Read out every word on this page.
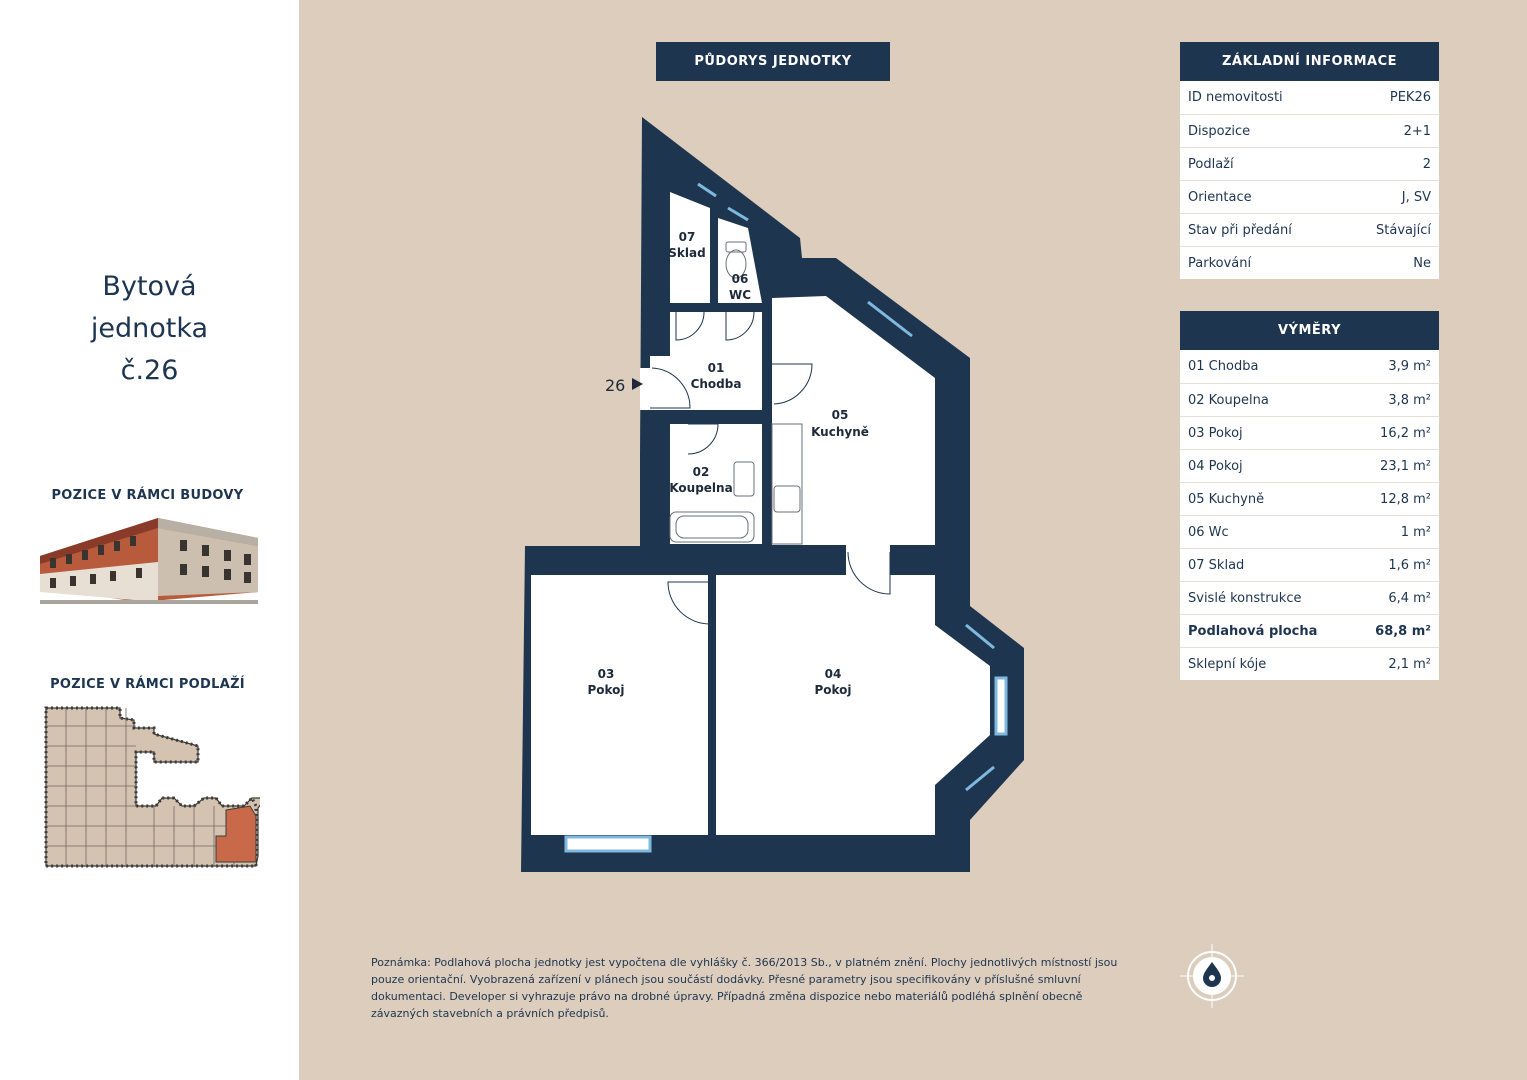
Bytová
jednotka
č.26
POZICE V RÁMCI BUDOVY
POZICE V RÁMCI PODLAŽÍ
PŮDORYS JEDNOTKY
26
07
Sklad
06
WC
01
Chodba
05
Kuchyně
02
Koupelna
03
Pokoj
04
Pokoj
ZÁKLADNÍ INFORMACE
ID nemovitosti	PEK26
Dispozice	2+1
Podlaží	2
Orientace	J, SV
Stav při předání	Stávající
Parkování	Ne
VÝMĚRY
01 Chodba	3,9 m²
02 Koupelna	3,8 m²
03 Pokoj	16,2 m²
04 Pokoj	23,1 m²
05 Kuchyně	12,8 m²
06 Wc	1 m²
07 Sklad	1,6 m²
Svislé konstrukce	6,4 m²
Podlahová plocha	68,8 m²
Sklepní kóje	2,1 m²
Poznámka: Podlahová plocha jednotky jest vypočtena dle vyhlášky č. 366/2013 Sb., v platném znění. Plochy jednotlivých místností jsou pouze orientační. Vyobrazená zařízení v plánech jsou součástí dodávky. Přesné parametry jsou specifikovány v příslušné smluvní dokumentaci. Developer si vyhrazuje právo na drobné úpravy. Případná změna dispozice nebo materiálů podléhá splnění obecně závazných stavebních a právních předpisů.
